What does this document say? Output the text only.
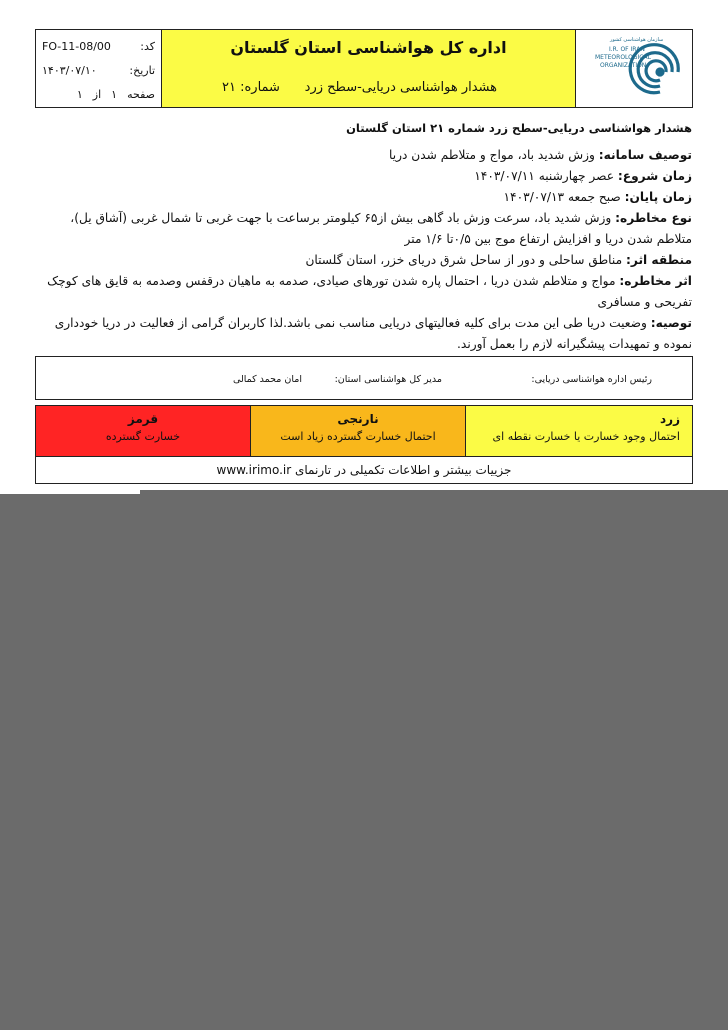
کد:
FO-11-08/00
تاریخ:
۱۴۰۳/۰۷/۱۰
صفحه
۱
از
۱
اداره کل هواشناسی استان گلستان
هشدار هواشناسی دریایی-سطح زرد
شماره: ۲۱
سازمان هواشناسی کشور
I.R. OF IRAN
METEOROLOGICAL
ORGANIZATION

هشدار هواشناسی دریایی-سطح زرد شماره ۲۱ استان گلستان

توصیف سامانه: وزش شدید باد، مواج و متلاطم شدن دریا

زمان شروع: عصر چهارشنبه ۱۴۰۳/۰۷/۱۱

زمان پایان: صبح جمعه ۱۴۰۳/۰۷/۱۳

نوع مخاطره: وزش شدید باد، سرعت وزش باد گاهی بیش از۶۵ کیلومتر برساعت با جهت غربی تا شمال غربی (آشاق یل)، متلاطم شدن دریا و افزایش ارتفاع موج بین ۰/۵تا ۱/۶ متر

منطقه اثر: مناطق ساحلی و دور از ساحل شرق دریای خزر، استان گلستان

اثر مخاطره: مواج و متلاطم شدن دریا ، احتمال پاره شدن تورهای صیادی، صدمه به ماهیان درقفس وصدمه به قایق های کوچک تفریحی و مسافری

توصیه: وضعیت دریا طی این مدت برای کلیه فعالیتهای دریایی مناسب نمی باشد.لذا کاربران گرامی از فعالیت در دریا خودداری نموده و تمهیدات پیشگیرانه لازم را بعمل آورند.

رئیس اداره هواشناسی دریایی:
مدیر کل هواشناسی استان:
امان محمد کمالی
قرمز
خسارت گسترده
نارنجی
احتمال خسارت گسترده زیاد است
زرد
احتمال وجود خسارت یا خسارت نقطه ای
جزییات بیشتر و اطلاعات تکمیلی در تارنمای www.irimo.ir
